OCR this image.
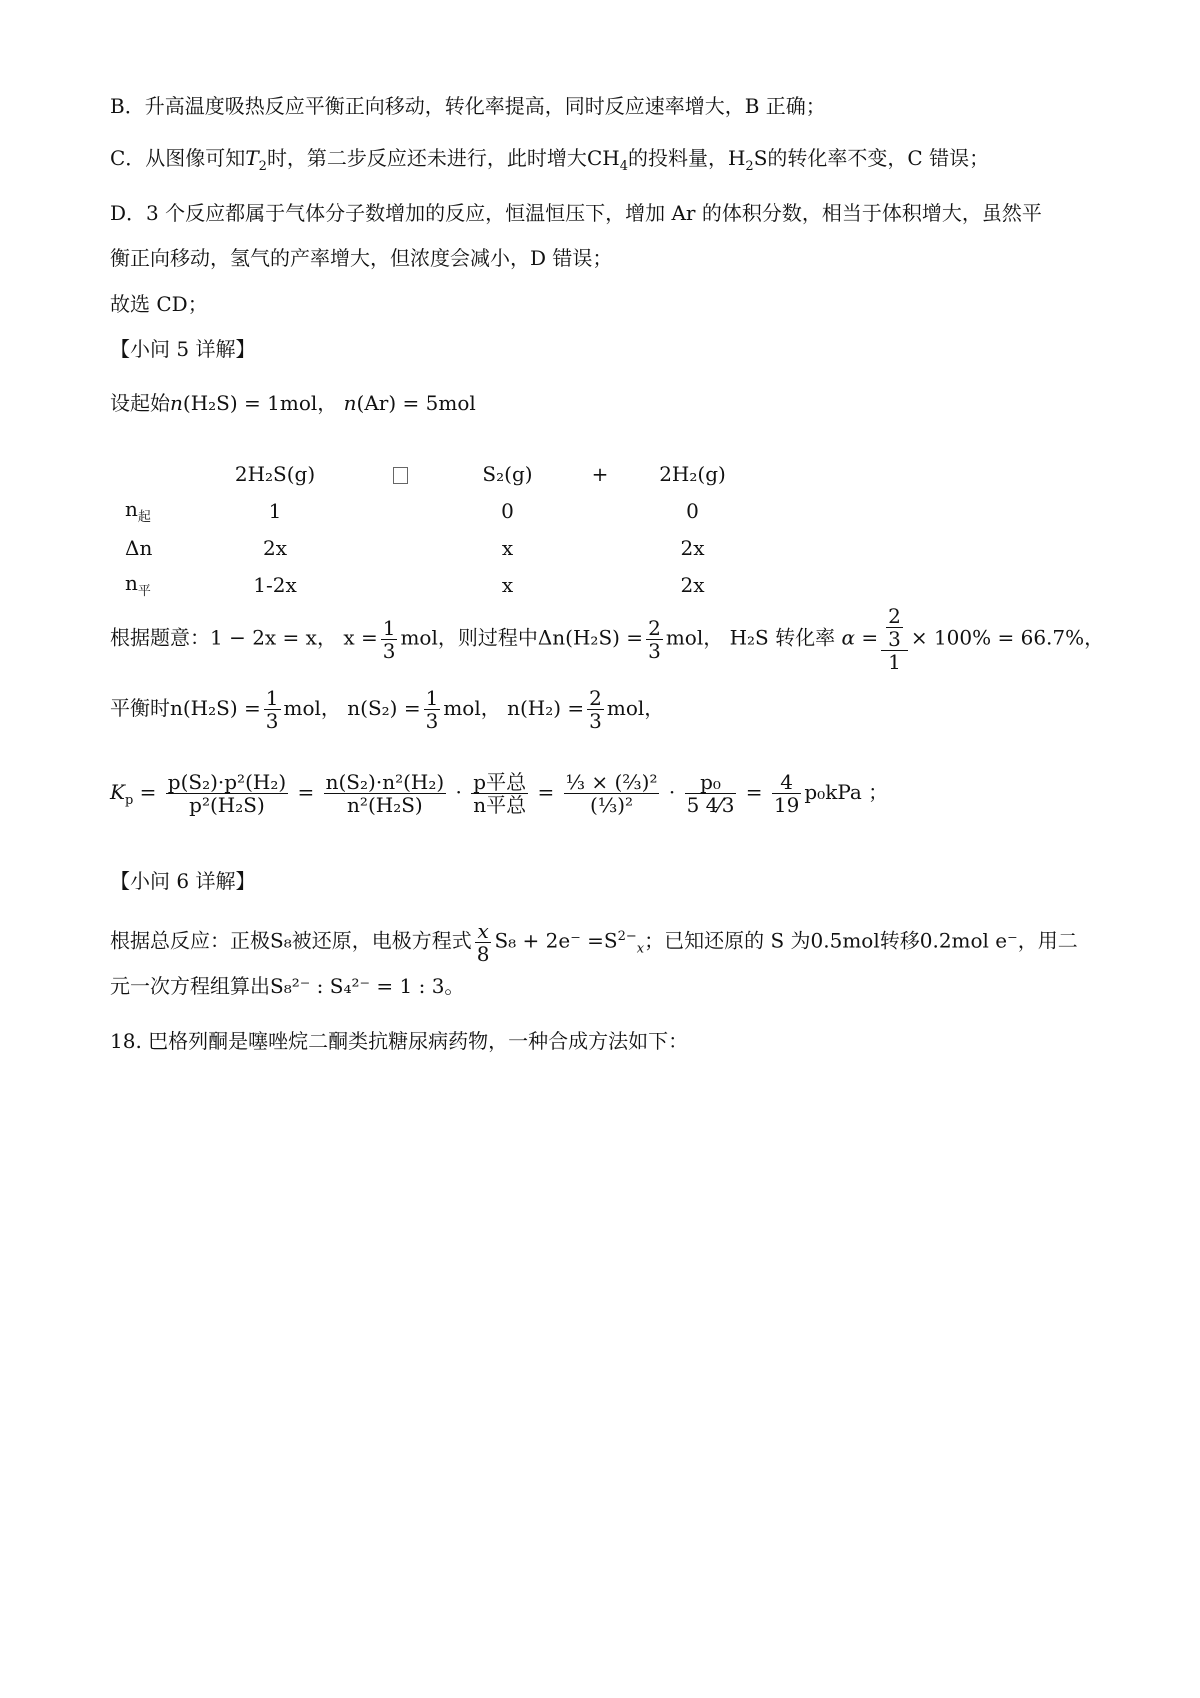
B．升高温度吸热反应平衡正向移动，转化率提高，同时反应速率增大，B 正确；
C．从图像可知$T_2$时，第二步反应还未进行，此时增大$CH_4$的投料量，$H_2S$的转化率不变，C 错误；
D．3 个反应都属于气体分子数增加的反应，恒温恒压下，增加 Ar 的体积分数，相当于体积增大，虽然平
衡正向移动，氢气的产率增大，但浓度会减小，D 错误；
故选 CD；
【小问 5 详解】
设起始n(H₂S) = 1mol， n(Ar) = 5mol
	2H₂S(g)		S₂(g)	+	2H₂(g)
$n_起$	1		0		0
Δn	2x		x		2x
$n_平$	1-2x		x		2x
根据题意：1 − 2x = x， $x = \frac{1}{3}$ mol，则过程中$\Delta n(H_2S) = \frac{2}{3}$ mol， H₂S 转化率 $\alpha = \frac{\frac{2}{3}}{1} \times 100\% = 66.7\%$，
平衡时$n(H_2S) = \frac{1}{3}$ mol， $n(S_2) = \frac{1}{3}$ mol， $n(H_2) = \frac{2}{3}$ mol，
$K_p = \frac{\text{p(S₂)·p²(H₂)}}{\text{p²(H₂S)}} = \frac{\text{n(S₂)·n²(H₂)}}{\text{n²(H₂S)}} \cdot \frac{\text{p平总}}{\text{n平总}} = \frac{\text{⅓ × (⅔)²}}{\text{(⅓)²}} \cdot \frac{\text{p₀}}{5 4⁄3} = \frac{4}{19} p_0kPa$ ；
【小问 6 详解】
根据总反应：正极S₈被还原，电极方程式 $\frac{x}{8} S_8 + 2e^- =S^{2-}_x$；已知还原的 S 为0.5mol转移0.2mol e⁻，用二
元一次方程组算出S₈²⁻ : S₄²⁻ = 1 : 3。
18. 巴格列酮是噻唑烷二酮类抗糖尿病药物，一种合成方法如下：
